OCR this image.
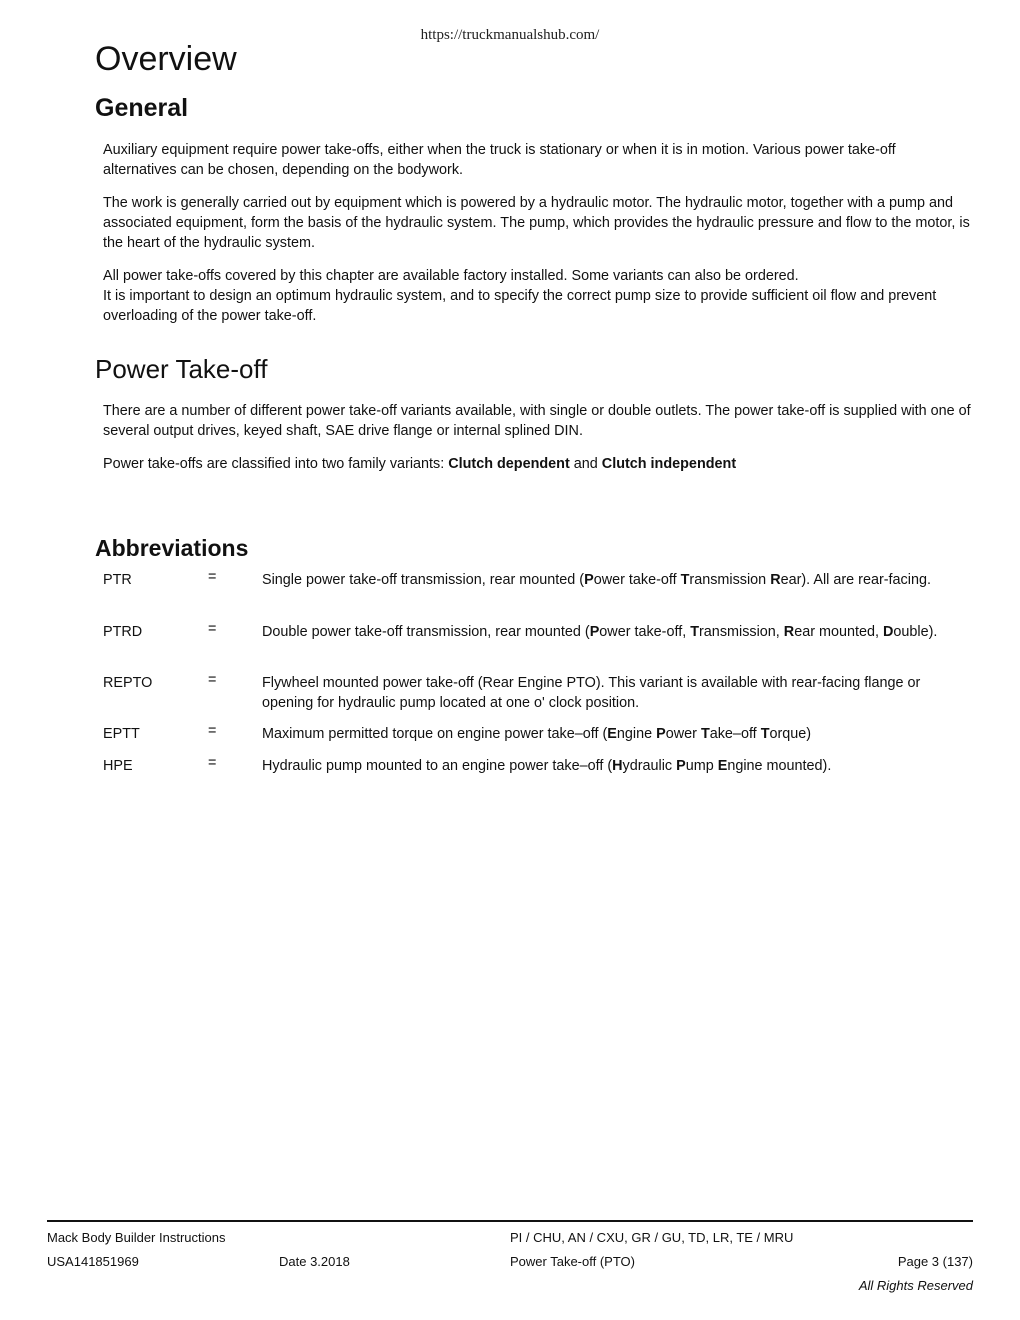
https://truckmanualshub.com/
Overview
General

Auxiliary equipment require power take-offs, either when the truck is stationary or when it is in motion. Various power take-off alternatives can be chosen, depending on the bodywork.

The work is generally carried out by equipment which is powered by a hydraulic motor. The hydraulic motor, together with a pump and associated equipment, form the basis of the hydraulic system. The pump, which provides the hydraulic pressure and flow to the motor, is the heart of the hydraulic system.

All power take-offs covered by this chapter are available factory installed. Some variants can also be ordered.

It is important to design an optimum hydraulic system, and to specify the correct pump size to provide sufficient oil flow and prevent overloading of the power take-off.

Power Take-off

There are a number of different power take-off variants available, with single or double outlets. The power take-off is supplied with one of several output drives, keyed shaft, SAE drive flange or internal splined DIN.

Power take-offs are classified into two family variants: Clutch dependent and Clutch independent

Abbreviations
PTR	=	Single power take-off transmission, rear mounted (Power take-off Transmission Rear). All are rear-facing.
PTRD	=	Double power take-off transmission, rear mounted (Power take-off, Transmission, Rear mounted, Double).
REPTO	=	Flywheel mounted power take-off (Rear Engine PTO). This variant is available with rear-facing flange or opening for hydraulic pump located at one o' clock position.
EPTT	=	Maximum permitted torque on engine power take–off (Engine Power Take–off Torque)
HPE	=	Hydraulic pump mounted to an engine power take–off (Hydraulic Pump Engine mounted).
Mack Body Builder Instructions	PI / CHU, AN / CXU, GR / GU, TD, LR, TE / MRU
USA141851969	Date 3.2018	Power Take-off (PTO)	Page 3 (137)
All Rights Reserved
